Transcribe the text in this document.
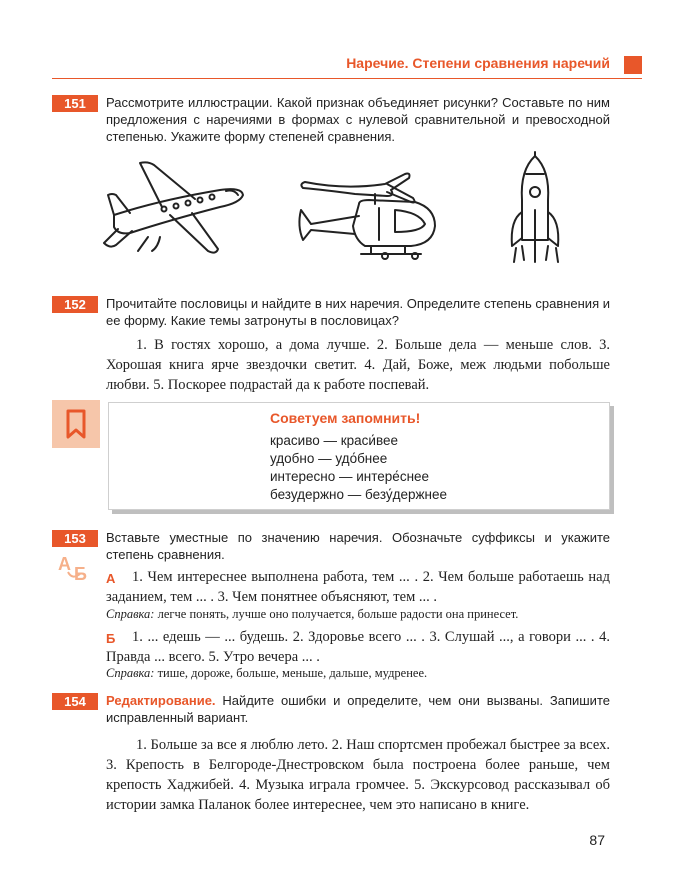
Наречие. Степени сравнения наречий
151	Рассмотрите иллюстрации. Какой признак объединяет рисунки? Составьте по ним предложения с наречиями в формах с нулевой сравнительной и превосходной степенью. Укажите форму степеней сравнения.
152	Прочитайте пословицы и найдите в них наречия. Определите степень сравнения и ее форму. Какие темы затронуты в пословицах?
1. В гостях хорошо, а дома лучше. 2. Больше дела — меньше слов. 3. Хорошая книга ярче звездочки светит. 4. Дай, Боже, меж людьми побольше любви. 5. Поскорее подрастай да к работе поспевай.
Советуем запомнить!
красиво — краси́вее
удобно — удо́бнее
интересно — интере́снее
безудержно — безу́держнее
153	Вставьте уместные по значению наречия. Обозначьте суффиксы и укажите степень сравнения.
А Б А	1. Чем интереснее выполнена работа, тем ... . 2. Чем больше работаешь над заданием, тем ... . 3. Чем понятнее объясняют, тем ... .
Справка: легче понять, лучше оно получается, больше радости она принесет.
Б	1. ... едешь — ... будешь. 2. Здоровье всего ... . 3. Слушай ..., а говори ... . 4. Правда ... всего. 5. Утро вечера ... .
Справка: тише, дороже, больше, меньше, дальше, мудренее.
154	Редактирование. Найдите ошибки и определите, чем они вызваны. Запишите исправленный вариант.
1. Больше за все я люблю лето. 2. Наш спортсмен пробежал быстрее за всех. 3. Крепость в Белгороде-Днестровском была построена более раньше, чем крепость Хаджибей. 4. Музыка играла громчее. 5. Экскурсовод рассказывал об истории замка Паланок более интереснее, чем это написано в книге.
87
